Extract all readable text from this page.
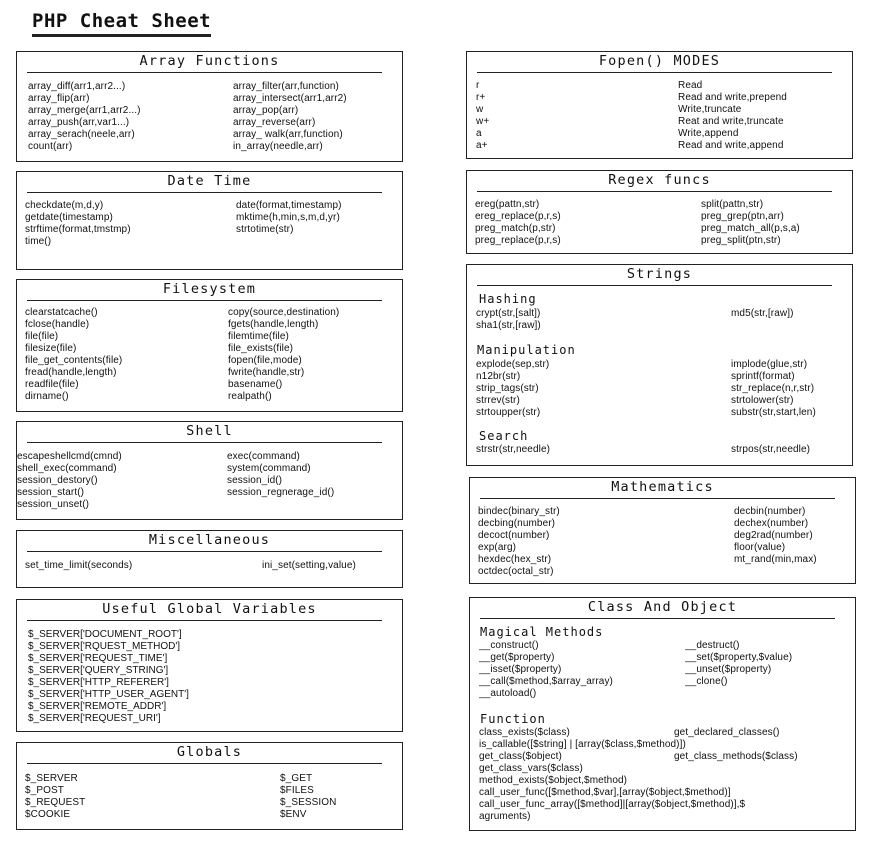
PHP Cheat Sheet
Array Functions
array_diff(arr1,arr2...)	array_filter(arr,function)
array_flip(arr)	array_intersect(arr1,arr2)
array_merge(arr1,arr2...)	array_pop(arr)
array_push(arr,var1...)	array_reverse(arr)
array_serach(neele,arr)	array_ walk(arr,function)
count(arr)	in_array(needle,arr)
Date Time
checkdate(m,d,y)	date(format,timestamp)
getdate(timestamp)	mktime(h,min,s,m,d,yr)
strftime(format,tmstmp)	strtotime(str)
time()
Filesystem
clearstatcache()	copy(source,destination)
fclose(handle)	fgets(handle,length)
file(file)	filemtime(file)
filesize(file)	file_exists(file)
file_get_contents(file)	fopen(file,mode)
fread(handle,length)	fwrite(handle,str)
readfile(file)	basename()
dirname()	realpath()
Shell
escapeshellcmd(cmnd)	exec(command)
shell_exec(command)	system(command)
session_destory()	session_id()
session_start()	session_regnerage_id()
session_unset()
Miscellaneous
set_time_limit(seconds)	ini_set(setting,value)
Useful Global Variables
$_SERVER['DOCUMENT_ROOT']
$_SERVER['RQUEST_METHOD']
$_SERVER['REQUEST_TIME']
$_SERVER['QUERY_STRING']
$_SERVER['HTTP_REFERER']
$_SERVER['HTTP_USER_AGENT']
$_SERVER['REMOTE_ADDR']
$_SERVER['REQUEST_URI']
Globals
$_SERVER	$_GET
$_POST	$FILES
$_REQUEST	$_SESSION
$COOKIE	$ENV
Fopen() MODES
r	Read
r+	Read and write,prepend
w	Write,truncate
w+	Reat and write,truncate
a	Write,append
a+	Read and write,append
Regex funcs
ereg(pattn,str)	split(pattn,str)
ereg_replace(p,r,s)	preg_grep(ptn,arr)
preg_match(p,str)	preg_match_all(p,s,a)
preg_replace(p,r,s)	preg_split(ptn,str)
Strings
Hashing
crypt(str,[salt])	md5(str,[raw])
sha1(str,[raw])
Manipulation
explode(sep,str)	implode(glue,str)
n12br(str)	sprintf(format)
strip_tags(str)	str_replace(n,r,str)
strrev(str)	strtolower(str)
strtoupper(str)	substr(str,start,len)
Search
strstr(str,needle)	strpos(str,needle)
Mathematics
bindec(binary_str)	decbin(number)
decbing(number)	dechex(number)
decoct(number)	deg2rad(number)
exp(arg)	floor(value)
hexdec(hex_str)	mt_rand(min,max)
octdec(octal_str)
Class And Object
Magical Methods
__construct()	__destruct()
__get($property)	__set($property,$value)
__isset($property)	__unset($property)
__call($method,$array_array)	__clone()
__autoload()
Function
class_exists($class)	get_declared_classes()
is_callable([$string] | [array($class,$method)])
get_class($object)	get_class_methods($class)
get_class_vars($class)
method_exists($object,$method)
call_user_func([$method,$var],[array($object,$method)]
call_user_func_array([$method]|[array($object,$method)],$
agruments)
